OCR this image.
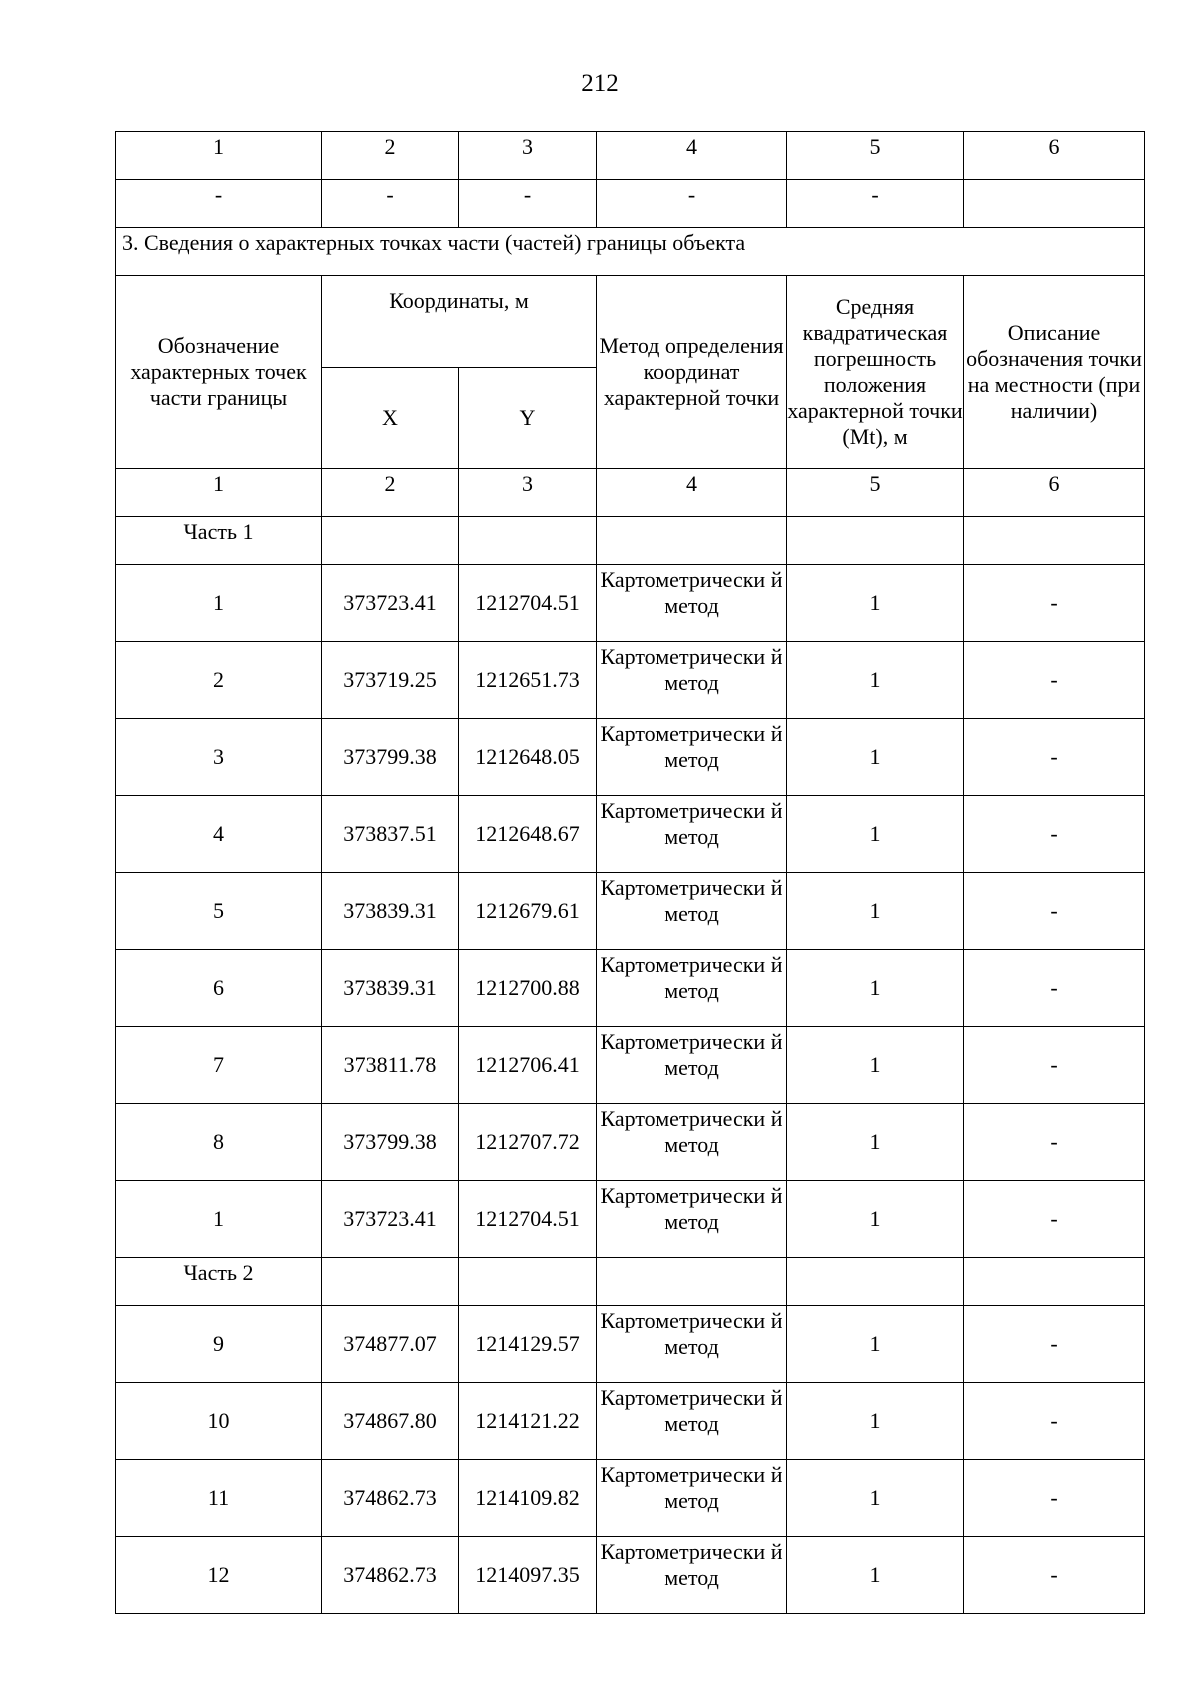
212
1	2	3	4	5	6
-	-	-	-	-	
3. Сведения о характерных точках части (частей) границы объекта					
Обозначение характерных точек части границы	Координаты, м		Метод определения координат характерной точки	Средняя квадратическая погрешность положения характерной точки (Mt), м	Описание обозначения точки на местности (при наличии)
	X	Y			
1	2	3	4	5	6
Часть 1					
1	373723.41	1212704.51	Картометрически й метод	1	-
2	373719.25	1212651.73	Картометрически й метод	1	-
3	373799.38	1212648.05	Картометрически й метод	1	-
4	373837.51	1212648.67	Картометрически й метод	1	-
5	373839.31	1212679.61	Картометрически й метод	1	-
6	373839.31	1212700.88	Картометрически й метод	1	-
7	373811.78	1212706.41	Картометрически й метод	1	-
8	373799.38	1212707.72	Картометрически й метод	1	-
1	373723.41	1212704.51	Картометрически й метод	1	-
Часть 2					
9	374877.07	1214129.57	Картометрически й метод	1	-
10	374867.80	1214121.22	Картометрически й метод	1	-
11	374862.73	1214109.82	Картометрически й метод	1	-
12	374862.73	1214097.35	Картометрически й метод	1	-
